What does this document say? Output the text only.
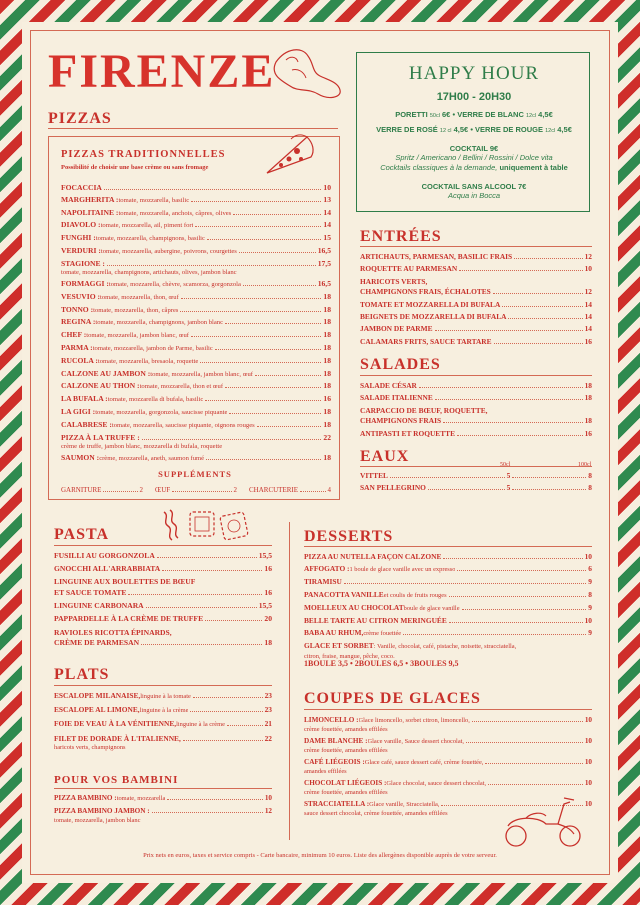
FIRENZE
PIZZAS
PIZZAS TRADITIONNELLES
Possibilité de choisir une base crème ou sans fromage
FOCACCIA	10
MARGHERITA : tomate, mozzarella, basilic	13
NAPOLITAINE : tomate, mozzarella, anchois, câpres, olives	14
DIAVOLO : tomate, mozzarella, ail, piment fort	14
FUNGHI : tomate, mozzarella, champignons, basilic	15
VERDURI : tomate, mozzarella, aubergine, poivrons, courgettes	16,5
STAGIONE :	17,5
tomate, mozzarella, champignons, artichauts, olives, jambon blanc
FORMAGGI : tomate, mozzarella, chèvre, scamorza, gorgonzola	16,5
VESUVIO : tomate, mozzarella, thon, œuf	18
TONNO : tomate, mozzarella, thon, câpres	18
REGINA : tomate, mozzarella, champignons, jambon blanc	18
CHEF : tomate, mozzarella, jambon blanc, œuf	18
PARMA : tomate, mozzarella, jambon de Parme, basilic	18
RUCOLA : tomate, mozzarella, bresaola, roquette	18
CALZONE AU JAMBON : tomate, mozzarella, jambon blanc, œuf	18
CALZONE AU THON : tomate, mozzarella, thon et œuf	18
LA BUFALA : tomate, mozzarella di bufala, basilic	16
LA GIGI : tomate, mozzarella, gorgonzola, saucisse piquante	18
CALABRESE : tomate, mozzarella, saucisse piquante, oignons rouges	18
PIZZA À LA TRUFFE :	22
crème de truffe, jambon blanc, mozzarella di bufala, roquette
SAUMON : crème, mozzarella, aneth, saumon fumé	18
SUPPLÉMENTS
GARNITURE	2 ŒUF	2 CHARCUTERIE	4
HAPPY HOUR
17H00 - 20H30
PORETTI 50cl 6€ • VERRE DE BLANC 12cl 4,5€
VERRE DE ROSÉ 12 cl 4,5€ • VERRE DE ROUGE 12cl 4,5€
COCKTAIL 9€
Spritz / Americano / Bellini / Rossini / Dolce vita
Cocktails classiques à la demande, uniquement à table
COCKTAIL SANS ALCOOL 7€
Acqua in Bocca
ENTRÉES
ARTICHAUTS, PARMESAN, BASILIC FRAIS	12
ROQUETTE AU PARMESAN	10
HARICOTS VERTS,
CHAMPIGNONS FRAIS, ÉCHALOTES	12
TOMATE ET MOZZARELLA DI BUFALA	14
BEIGNETS DE MOZZARELLA DI BUFALA	14
JAMBON DE PARME	14
CALAMARS FRITS, SAUCE TARTARE	16
SALADES
SALADE CÉSAR	18
SALADE ITALIENNE	18
CARPACCIO DE BŒUF, ROQUETTE,
CHAMPIGNONS FRAIS	18
ANTIPASTI ET ROQUETTE	16
EAUX	50cl	100cl
VITTEL	5	8
SAN PELLEGRINO	5	8
PASTA
FUSILLI AU GORGONZOLA	15,5
GNOCCHI ALL'ARRABBIATA	16
LINGUINE AUX BOULETTES DE BŒUF
ET SAUCE TOMATE	16
LINGUINE CARBONARA	15,5
PAPPARDELLE À LA CRÈME DE TRUFFE	20
RAVIOLES RICOTTA ÉPINARDS,
CRÈME DE PARMESAN	18
PLATS
ESCALOPE MILANAISE, linguine à la tomate	23
ESCALOPE AL LIMONE, linguine à la crème	23
FOIE DE VEAU À LA VÉNITIENNE, linguine à la crème	21
FILET DE DORADE À L'ITALIENNE,	22
haricots verts, champignons
POUR VOS BAMBINI
PIZZA BAMBINO : tomate, mozzarella	10
PIZZA BAMBINO JAMBON :	12
tomate, mozzarella, jambon blanc
DESSERTS
PIZZA AU NUTELLA FAÇON CALZONE	10
AFFOGATO : 1 boule de glace vanille avec un expresso	6
TIRAMISU	9
PANACOTTA VANILLE et coulis de fruits rouges	8
MOELLEUX AU CHOCOLAT boule de glace vanille	9
BELLE TARTE AU CITRON MERINGUÉE	10
BABA AU RHUM, crème fouettée	9
GLACE ET SORBET : Vanille, chocolat, café, pistache, noisette, stracciatella,
citron, fraise, mangue, pêche, coco.
1BOULE 3,5 • 2BOULES 6,5 • 3BOULES 9,5
COUPES DE GLACES
LIMONCELLO : Glace limoncello, sorbet citron, limoncello,	10
crème fouettée, amandes effilées
DAME BLANCHE : Glace vanille, Sauce dessert chocolat,	10
crème fouettée, amandes effilées
CAFÉ LIÉGEOIS : Glace café, sauce dessert café, crème fouettée,	10
amandes effilées
CHOCOLAT LIÉGEOIS : Glace chocolat, sauce dessert chocolat,	10
crème fouettée, amandes effilées
STRACCIATELLA : Glace vanille, Stracciatella,	10
sauce dessert chocolat, crème fouettée, amandes effilées
Prix nets en euros, taxes et service compris - Carte bancaire, minimum 10 euros. Liste des allergènes disponible auprès de votre serveur.
